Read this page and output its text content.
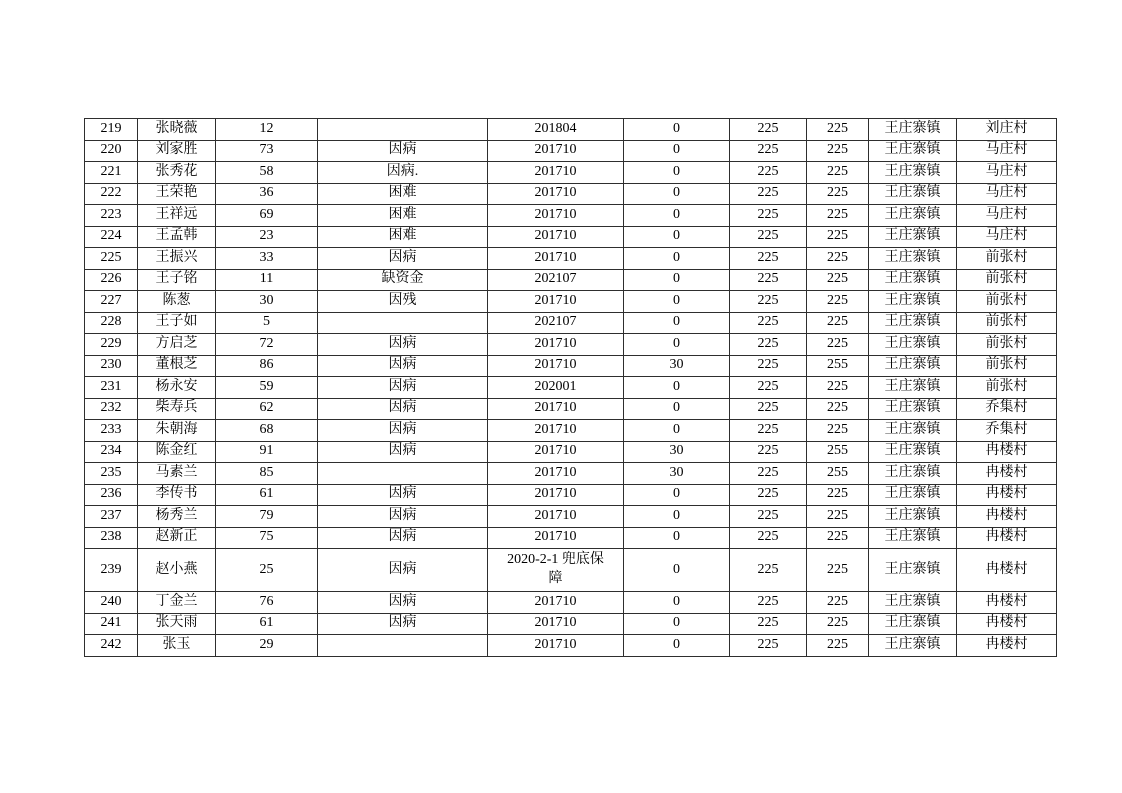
219	张晓薇	12		201804	0	225	225	王庄寨镇	刘庄村
220	刘家胜	73	因病	201710	0	225	225	王庄寨镇	马庄村
221	张秀花	58	因病.	201710	0	225	225	王庄寨镇	马庄村
222	王荣艳	36	困难	201710	0	225	225	王庄寨镇	马庄村
223	王祥远	69	困难	201710	0	225	225	王庄寨镇	马庄村
224	王孟韩	23	困难	201710	0	225	225	王庄寨镇	马庄村
225	王振兴	33	因病	201710	0	225	225	王庄寨镇	前张村
226	王子铭	11	缺资金	202107	0	225	225	王庄寨镇	前张村
227	陈葱	30	因残	201710	0	225	225	王庄寨镇	前张村
228	王子如	5		202107	0	225	225	王庄寨镇	前张村
229	方启芝	72	因病	201710	0	225	225	王庄寨镇	前张村
230	董根芝	86	因病	201710	30	225	255	王庄寨镇	前张村
231	杨永安	59	因病	202001	0	225	225	王庄寨镇	前张村
232	柴寿兵	62	因病	201710	0	225	225	王庄寨镇	乔集村
233	朱朝海	68	因病	201710	0	225	225	王庄寨镇	乔集村
234	陈金红	91	因病	201710	30	225	255	王庄寨镇	冉楼村
235	马素兰	85		201710	30	225	255	王庄寨镇	冉楼村
236	李传书	61	因病	201710	0	225	225	王庄寨镇	冉楼村
237	杨秀兰	79	因病	201710	0	225	225	王庄寨镇	冉楼村
238	赵新正	75	因病	201710	0	225	225	王庄寨镇	冉楼村
239	赵小燕	25	因病	2020-2-1 兜底保障	0	225	225	王庄寨镇	冉楼村
240	丁金兰	76	因病	201710	0	225	225	王庄寨镇	冉楼村
241	张天雨	61	因病	201710	0	225	225	王庄寨镇	冉楼村
242	张玉	29		201710	0	225	225	王庄寨镇	冉楼村
